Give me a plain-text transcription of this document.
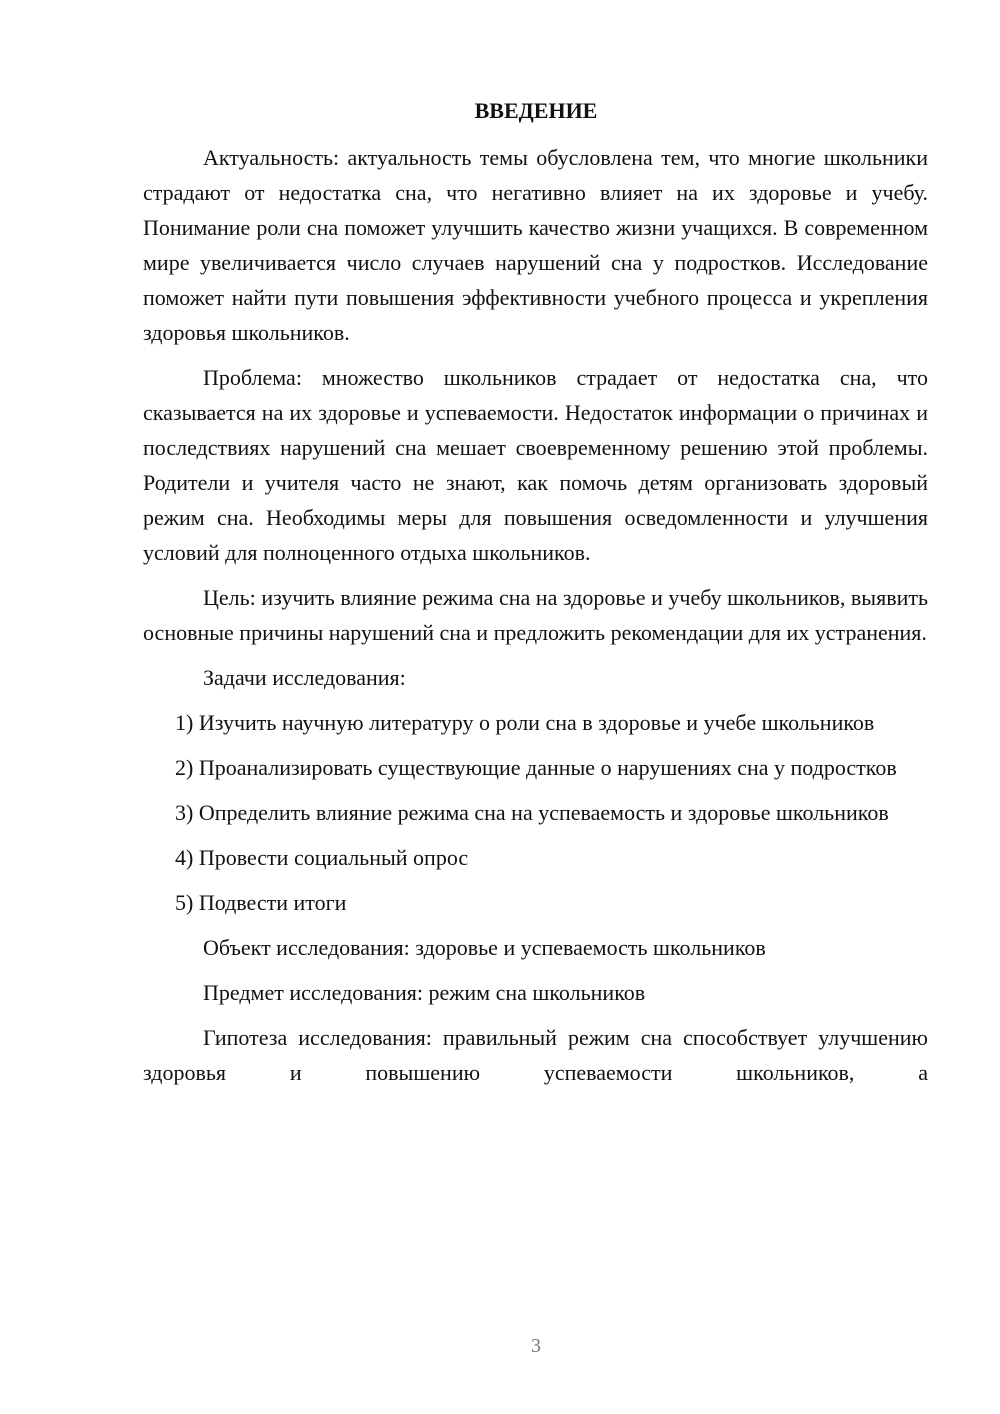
ВВЕДЕНИЕ

Актуальность: актуальность темы обусловлена тем, что многие школьники страдают от недостатка сна, что негативно влияет на их здоровье и учебу. Понимание роли сна поможет улучшить качество жизни учащихся. В современном мире увеличивается число случаев нарушений сна у подростков. Исследование поможет найти пути повышения эффективности учебного процесса и укрепления здоровья школьников.

Проблема: множество школьников страдает от недостатка сна, что сказывается на их здоровье и успеваемости. Недостаток информации о причинах и последствиях нарушений сна мешает своевременному решению этой проблемы. Родители и учителя часто не знают, как помочь детям организовать здоровый режим сна. Необходимы меры для повышения осведомленности и улучшения условий для полноценного отдыха школьников.

Цель: изучить влияние режима сна на здоровье и учебу школьников, выявить основные причины нарушений сна и предложить рекомендации для их устранения.

Задачи исследования:

1) Изучить научную литературу о роли сна в здоровье и учебе школьников

2) Проанализировать существующие данные о нарушениях сна у подростков

3) Определить влияние режима сна на успеваемость и здоровье школьников

4) Провести социальный опрос

5) Подвести итоги

Объект исследования: здоровье и успеваемость школьников

Предмет исследования: режим сна школьников

Гипотеза исследования: правильный режим сна способствует улучшению здоровья и повышению успеваемости школьников, а

3
